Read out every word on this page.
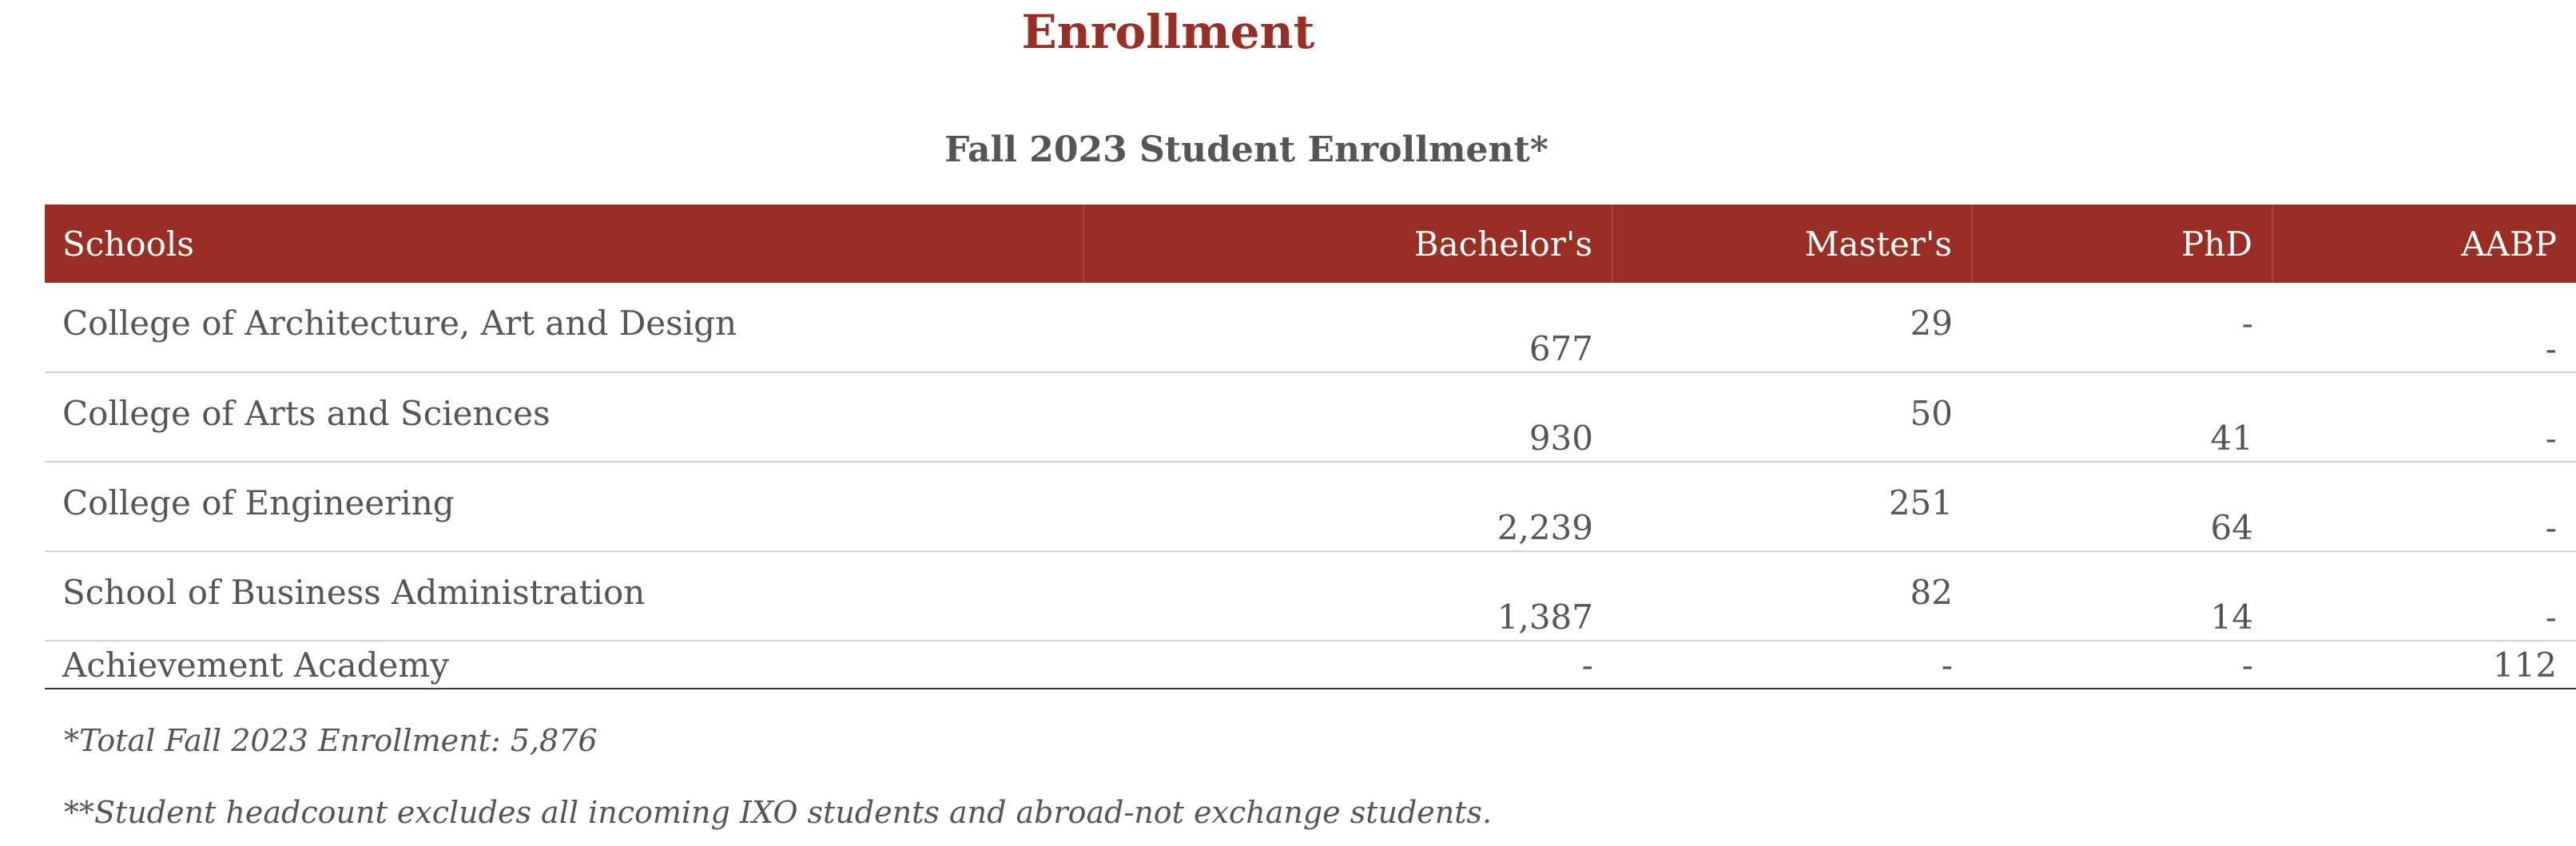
Enrollment
Fall 2023 Student Enrollment*
Schools	Bachelor's	Master's	PhD	AABP
College of Architecture, Art and Design	677	29	-	-
College of Arts and Sciences	930	50	41	-
College of Engineering	2,239	251	64	-
School of Business Administration	1,387	82	14	-
Achievement Academy	-	-	-	112

*Total Fall 2023 Enrollment: 5,876

**Student headcount excludes all incoming IXO students and abroad-not exchange students.
